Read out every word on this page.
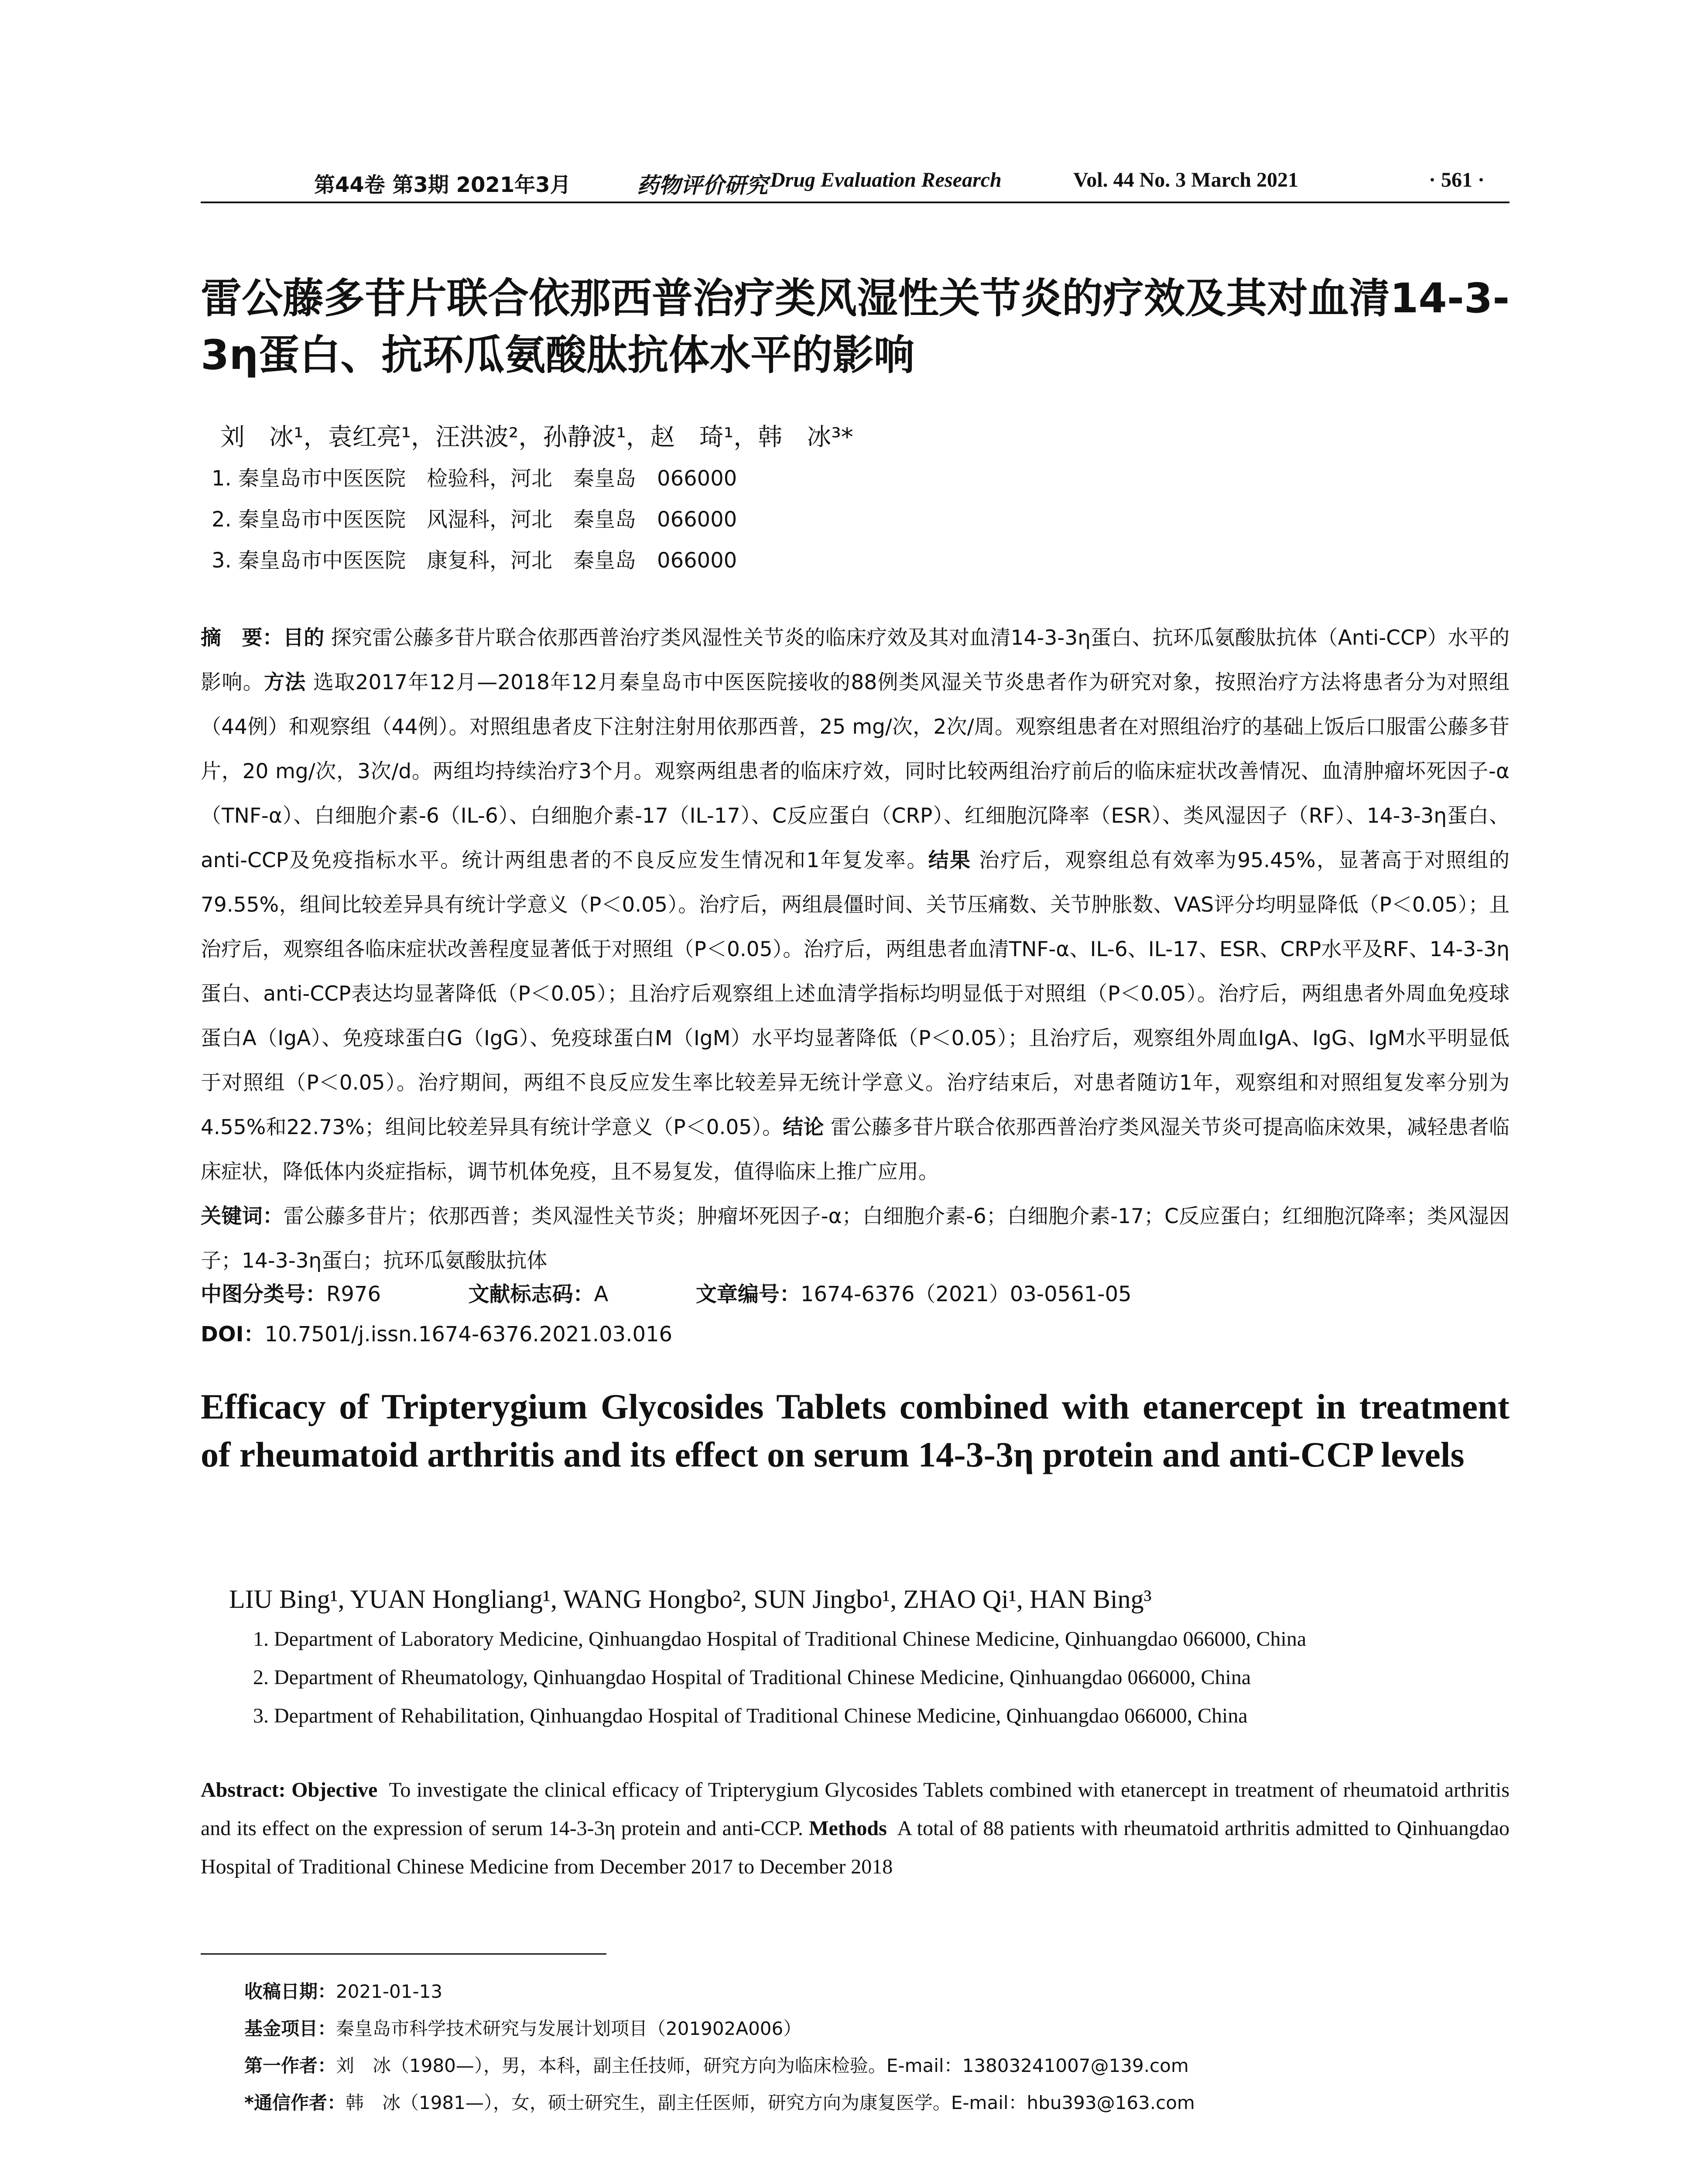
第44卷 第3期 2021年3月	药物评价研究 Drug Evaluation Research	Vol. 44 No. 3 March 2021	· 561 ·
雷公藤多苷片联合依那西普治疗类风湿性关节炎的疗效及其对血清14-3-3η蛋白、抗环瓜氨酸肽抗体水平的影响
刘　冰¹，袁红亮¹，汪洪波²，孙静波¹，赵　琦¹，韩　冰³*
1. 秦皇岛市中医医院　检验科，河北　秦皇岛　066000
2. 秦皇岛市中医医院　风湿科，河北　秦皇岛　066000
3. 秦皇岛市中医医院　康复科，河北　秦皇岛　066000
摘　要：目的 探究雷公藤多苷片联合依那西普治疗类风湿性关节炎的临床疗效及其对血清14-3-3η蛋白、抗环瓜氨酸肽抗体（Anti-CCP）水平的影响。方法 选取2017年12月—2018年12月秦皇岛市中医医院接收的88例类风湿关节炎患者作为研究对象，按照治疗方法将患者分为对照组（44例）和观察组（44例）。对照组患者皮下注射注射用依那西普，25 mg/次，2次/周。观察组患者在对照组治疗的基础上饭后口服雷公藤多苷片，20 mg/次，3次/d。两组均持续治疗3个月。观察两组患者的临床疗效，同时比较两组治疗前后的临床症状改善情况、血清肿瘤坏死因子-α（TNF-α）、白细胞介素-6（IL-6）、白细胞介素-17（IL-17）、C反应蛋白（CRP）、红细胞沉降率（ESR）、类风湿因子（RF）、14-3-3η蛋白、anti-CCP及免疫指标水平。统计两组患者的不良反应发生情况和1年复发率。结果 治疗后，观察组总有效率为95.45%，显著高于对照组的79.55%，组间比较差异具有统计学意义（P＜0.05）。治疗后，两组晨僵时间、关节压痛数、关节肿胀数、VAS评分均明显降低（P＜0.05）；且治疗后，观察组各临床症状改善程度显著低于对照组（P＜0.05）。治疗后，两组患者血清TNF-α、IL-6、IL-17、ESR、CRP水平及RF、14-3-3η蛋白、anti-CCP表达均显著降低（P＜0.05）；且治疗后观察组上述血清学指标均明显低于对照组（P＜0.05）。治疗后，两组患者外周血免疫球蛋白A（IgA）、免疫球蛋白G（IgG）、免疫球蛋白M（IgM）水平均显著降低（P＜0.05）；且治疗后，观察组外周血IgA、IgG、IgM水平明显低于对照组（P＜0.05）。治疗期间，两组不良反应发生率比较差异无统计学意义。治疗结束后，对患者随访1年，观察组和对照组复发率分别为4.55%和22.73%；组间比较差异具有统计学意义（P＜0.05）。结论 雷公藤多苷片联合依那西普治疗类风湿关节炎可提高临床效果，减轻患者临床症状，降低体内炎症指标，调节机体免疫，且不易复发，值得临床上推广应用。
关键词：雷公藤多苷片；依那西普；类风湿性关节炎；肿瘤坏死因子-α；白细胞介素-6；白细胞介素-17；C反应蛋白；红细胞沉降率；类风湿因子；14-3-3η蛋白；抗环瓜氨酸肽抗体
中图分类号：R976	文献标志码：A	文章编号：1674-6376（2021）03-0561-05
DOI：10.7501/j.issn.1674-6376.2021.03.016
Efficacy of Tripterygium Glycosides Tablets combined with etanercept in treatment of rheumatoid arthritis and its effect on serum 14-3-3η protein and anti-CCP levels
LIU Bing¹, YUAN Hongliang¹, WANG Hongbo², SUN Jingbo¹, ZHAO Qi¹, HAN Bing³
1. Department of Laboratory Medicine, Qinhuangdao Hospital of Traditional Chinese Medicine, Qinhuangdao 066000, China
2. Department of Rheumatology, Qinhuangdao Hospital of Traditional Chinese Medicine, Qinhuangdao 066000, China
3. Department of Rehabilitation, Qinhuangdao Hospital of Traditional Chinese Medicine, Qinhuangdao 066000, China
Abstract: Objective To investigate the clinical efficacy of Tripterygium Glycosides Tablets combined with etanercept in treatment of rheumatoid arthritis and its effect on the expression of serum 14-3-3η protein and anti-CCP. Methods A total of 88 patients with rheumatoid arthritis admitted to Qinhuangdao Hospital of Traditional Chinese Medicine from December 2017 to December 2018
收稿日期：2021-01-13
基金项目：秦皇岛市科学技术研究与发展计划项目（201902A006）
第一作者：刘　冰（1980—），男，本科，副主任技师，研究方向为临床检验。E-mail：13803241007@139.com
*通信作者：韩　冰（1981—），女，硕士研究生，副主任医师，研究方向为康复医学。E-mail：hbu393@163.com
